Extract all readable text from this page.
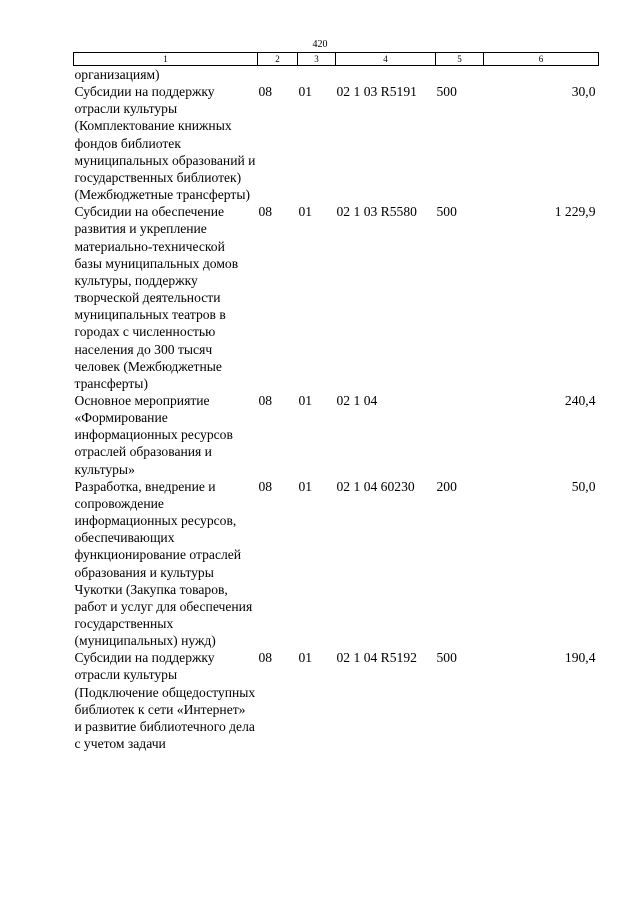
420
1	2	3	4	5	6
организациям)					
Субсидии на поддержку отрасли культуры (Комплектование книжных фондов библиотек муниципальных образований и государственных библиотек) (Межбюджетные трансферты)	08	01	02 1 03 R5191	500	30,0
Субсидии на обеспечение развития и укрепление материально-технической базы муниципальных домов культуры, поддержку творческой деятельности муниципальных театров в городах с численностью населения до 300 тысяч человек (Межбюджетные трансферты)	08	01	02 1 03 R5580	500	1 229,9
Основное мероприятие «Формирование информационных ресурсов отраслей образования и культуры»	08	01	02 1 04		240,4
Разработка, внедрение и сопровождение информационных ресурсов, обеспечивающих функционирование отраслей образования и культуры Чукотки (Закупка товаров, работ и услуг для обеспечения государственных (муниципальных) нужд)	08	01	02 1 04 60230	200	50,0
Субсидии на поддержку отрасли культуры (Подключение общедоступных библиотек к сети «Интернет» и развитие библиотечного дела с учетом задачи	08	01	02 1 04 R5192	500	190,4
